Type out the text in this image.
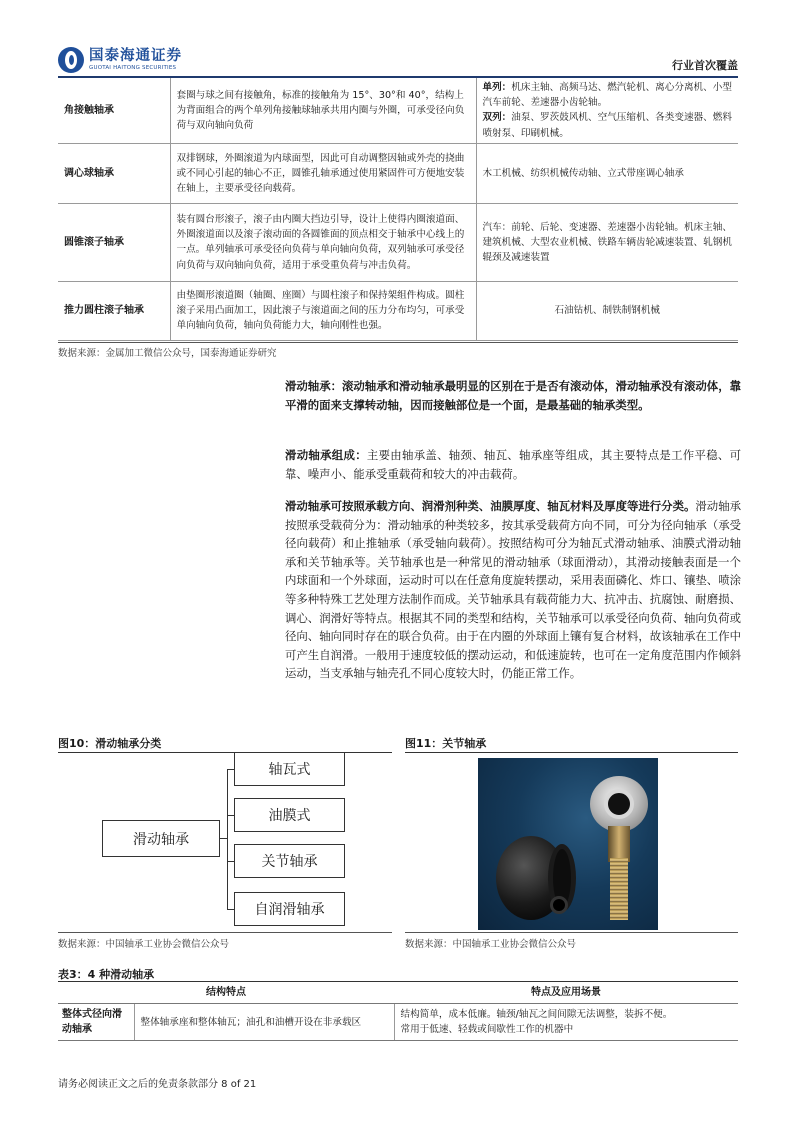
国泰海通证券
GUOTAI HAITONG SECURITIES	行业首次覆盖
角接触轴承	套圈与球之间有接触角，标准的接触角为 15°、30°和 40°，结构上为背面组合的两个单列角接触球轴承共用内圈与外圈，可承受径向负荷与双向轴向负荷	单列：机床主轴、高频马达、燃汽轮机、离心分离机、小型汽车前轮、差速器小齿轮轴。
双列：油泵、罗茨鼓风机、空气压缩机、各类变速器、燃料喷射泵、印刷机械。
调心球轴承	双排钢球，外圈滚道为内球面型，因此可自动调整因轴或外壳的挠曲或不同心引起的轴心不正，圆锥孔轴承通过使用紧固件可方便地安装在轴上，主要承受径向载荷。	木工机械、纺织机械传动轴、立式带座调心轴承
圆锥滚子轴承	装有圆台形滚子，滚子由内圈大挡边引导，设计上使得内圈滚道面、外圈滚道面以及滚子滚动面的各圆锥面的顶点相交于轴承中心线上的一点。单列轴承可承受径向负荷与单向轴向负荷，双列轴承可承受径向负荷与双向轴向负荷，适用于承受重负荷与冲击负荷。	汽车：前轮、后轮、变速器、差速器小齿轮轴。机床主轴、建筑机械、大型农业机械、铁路车辆齿轮减速装置、轧钢机辊颈及减速装置
推力圆柱滚子轴承	由垫圈形滚道圈（轴圈、座圈）与圆柱滚子和保持架组件构成。圆柱滚子采用凸面加工，因此滚子与滚道面之间的压力分布均匀，可承受单向轴向负荷，轴向负荷能力大，轴向刚性也强。	石油钻机、制铁制钢机械
数据来源：金属加工微信公众号，国泰海通证券研究
滑动轴承：滚动轴承和滑动轴承最明显的区别在于是否有滚动体，滑动轴承没有滚动体，靠平滑的面来支撑转动轴，因而接触部位是一个面，是最基础的轴承类型。
滑动轴承组成：主要由轴承盖、轴颈、轴瓦、轴承座等组成，其主要特点是工作平稳、可靠、噪声小、能承受重载荷和较大的冲击载荷。
滑动轴承可按照承载方向、润滑剂种类、油膜厚度、轴瓦材料及厚度等进行分类。滑动轴承按照承受载荷分为：滑动轴承的种类较多，按其承受载荷方向不同，可分为径向轴承（承受径向载荷）和止推轴承（承受轴向载荷）。按照结构可分为轴瓦式滑动轴承、油膜式滑动轴承和关节轴承等。关节轴承也是一种常见的滑动轴承（球面滑动），其滑动接触表面是一个内球面和一个外球面，运动时可以在任意角度旋转摆动，采用表面磷化、炸口、镶垫、喷涂等多种特殊工艺处理方法制作而成。关节轴承具有载荷能力大、抗冲击、抗腐蚀、耐磨损、调心、润滑好等特点。根据其不同的类型和结构，关节轴承可以承受径向负荷、轴向负荷或径向、轴向同时存在的联合负荷。由于在内圈的外球面上镶有复合材料，故该轴承在工作中可产生自润滑。一般用于速度较低的摆动运动，和低速旋转，也可在一定角度范围内作倾斜运动，当支承轴与轴壳孔不同心度较大时，仍能正常工作。
图10：滑动轴承分类	图11：关节轴承
滑动轴承
轴瓦式
油膜式
关节轴承
自润滑轴承
数据来源：中国轴承工业协会微信公众号	数据来源：中国轴承工业协会微信公众号
表3：4 种滑动轴承
结构特点		特点及应用场景
整体式径向滑动轴承	整体轴承座和整体轴瓦；油孔和油槽开设在非承载区	结构简单，成本低廉。轴颈/轴瓦之间间隙无法调整，装拆不便。
常用于低速、轻载或间歇性工作的机器中
请务必阅读正文之后的免责条款部分 8 of 21
